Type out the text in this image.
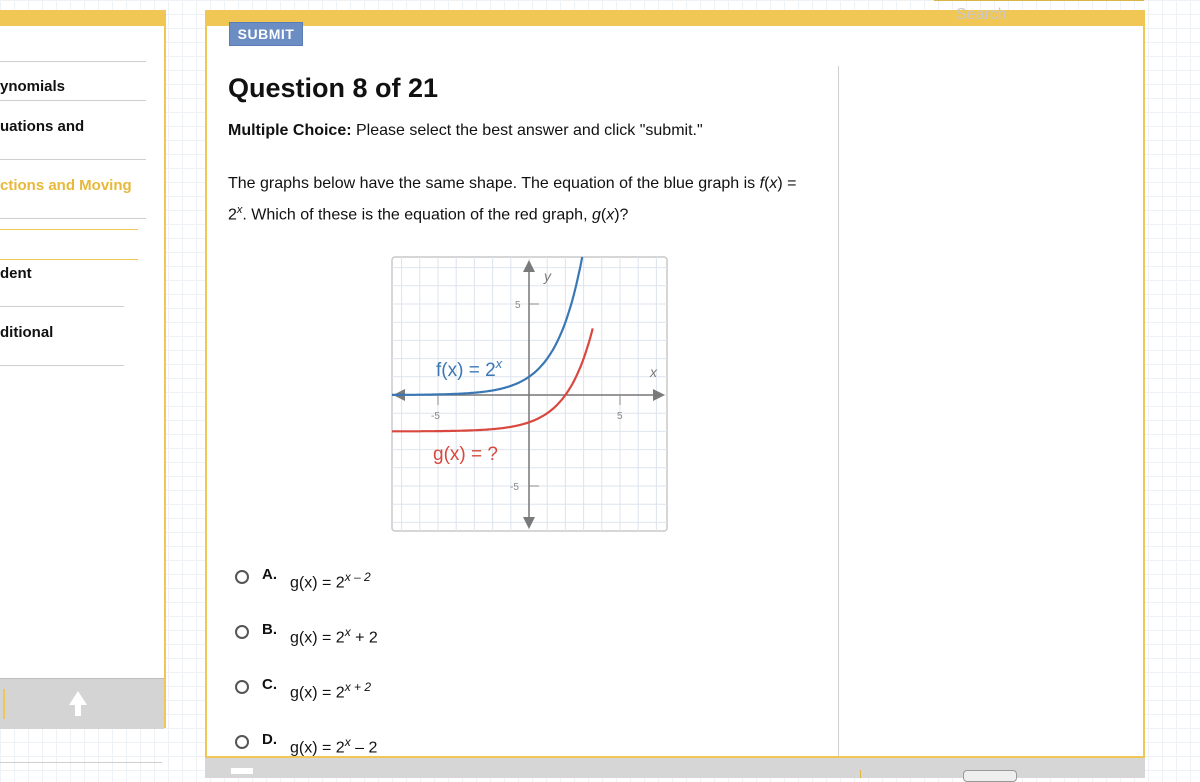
ynomials
uations and
ctions and Moving
dent
ditional
Search
SUBMIT
Question 8 of 21
Multiple Choice: Please select the best answer and click "submit."
The graphs below have the same shape. The equation of the blue graph is f(x) =
$2^x$. Which of these is the equation of the red graph, g(x)?
5
-5
-5	5
y
x
$f(x) = 2^x$
g(x) = ?
A. $g(x) = 2^{x - 2}$
B. $g(x) = 2^x + 2$
C. $g(x) = 2^{x + 2}$
D. $g(x) = 2^x - 2$
